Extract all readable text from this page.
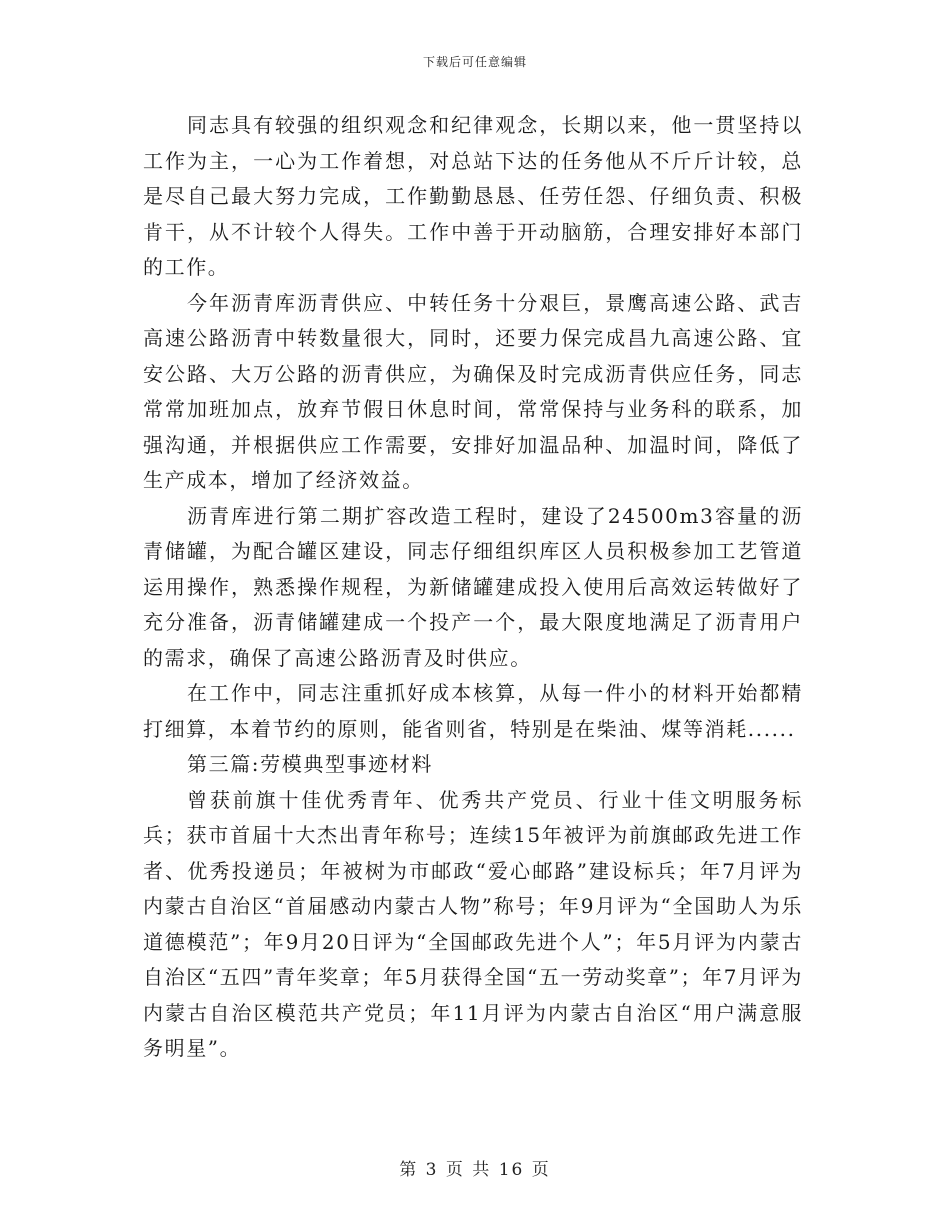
下载后可任意编辑

同志具有较强的组织观念和纪律观念，长期以来，他一贯坚持以工作为主，一心为工作着想，对总站下达的任务他从不斤斤计较，总是尽自己最大努力完成，工作勤勤恳恳、任劳任怨、仔细负责、积极肯干，从不计较个人得失。工作中善于开动脑筋，合理安排好本部门的工作。

今年沥青库沥青供应、中转任务十分艰巨，景鹰高速公路、武吉高速公路沥青中转数量很大，同时，还要力保完成昌九高速公路、宜安公路、大万公路的沥青供应，为确保及时完成沥青供应任务，同志常常加班加点，放弃节假日休息时间，常常保持与业务科的联系，加强沟通，并根据供应工作需要，安排好加温品种、加温时间，降低了生产成本，增加了经济效益。

沥青库进行第二期扩容改造工程时，建设了24500m3容量的沥青储罐，为配合罐区建设，同志仔细组织库区人员积极参加工艺管道运用操作，熟悉操作规程，为新储罐建成投入使用后高效运转做好了充分准备，沥青储罐建成一个投产一个，最大限度地满足了沥青用户的需求，确保了高速公路沥青及时供应。

在工作中，同志注重抓好成本核算，从每一件小的材料开始都精打细算，本着节约的原则，能省则省，特别是在柴油、煤等消耗......

第三篇:劳模典型事迹材料

曾获前旗十佳优秀青年、优秀共产党员、行业十佳文明服务标兵；获市首届十大杰出青年称号；连续15年被评为前旗邮政先进工作者、优秀投递员；年被树为市邮政“爱心邮路”建设标兵；年7月评为内蒙古自治区“首届感动内蒙古人物”称号；年9月评为“全国助人为乐道德模范”；年9月20日评为“全国邮政先进个人”；年5月评为内蒙古自治区“五四”青年奖章；年5月获得全国“五一劳动奖章”；年7月评为内蒙古自治区模范共产党员；年11月评为内蒙古自治区“用户满意服务明星”。

第 3 页 共 16 页
